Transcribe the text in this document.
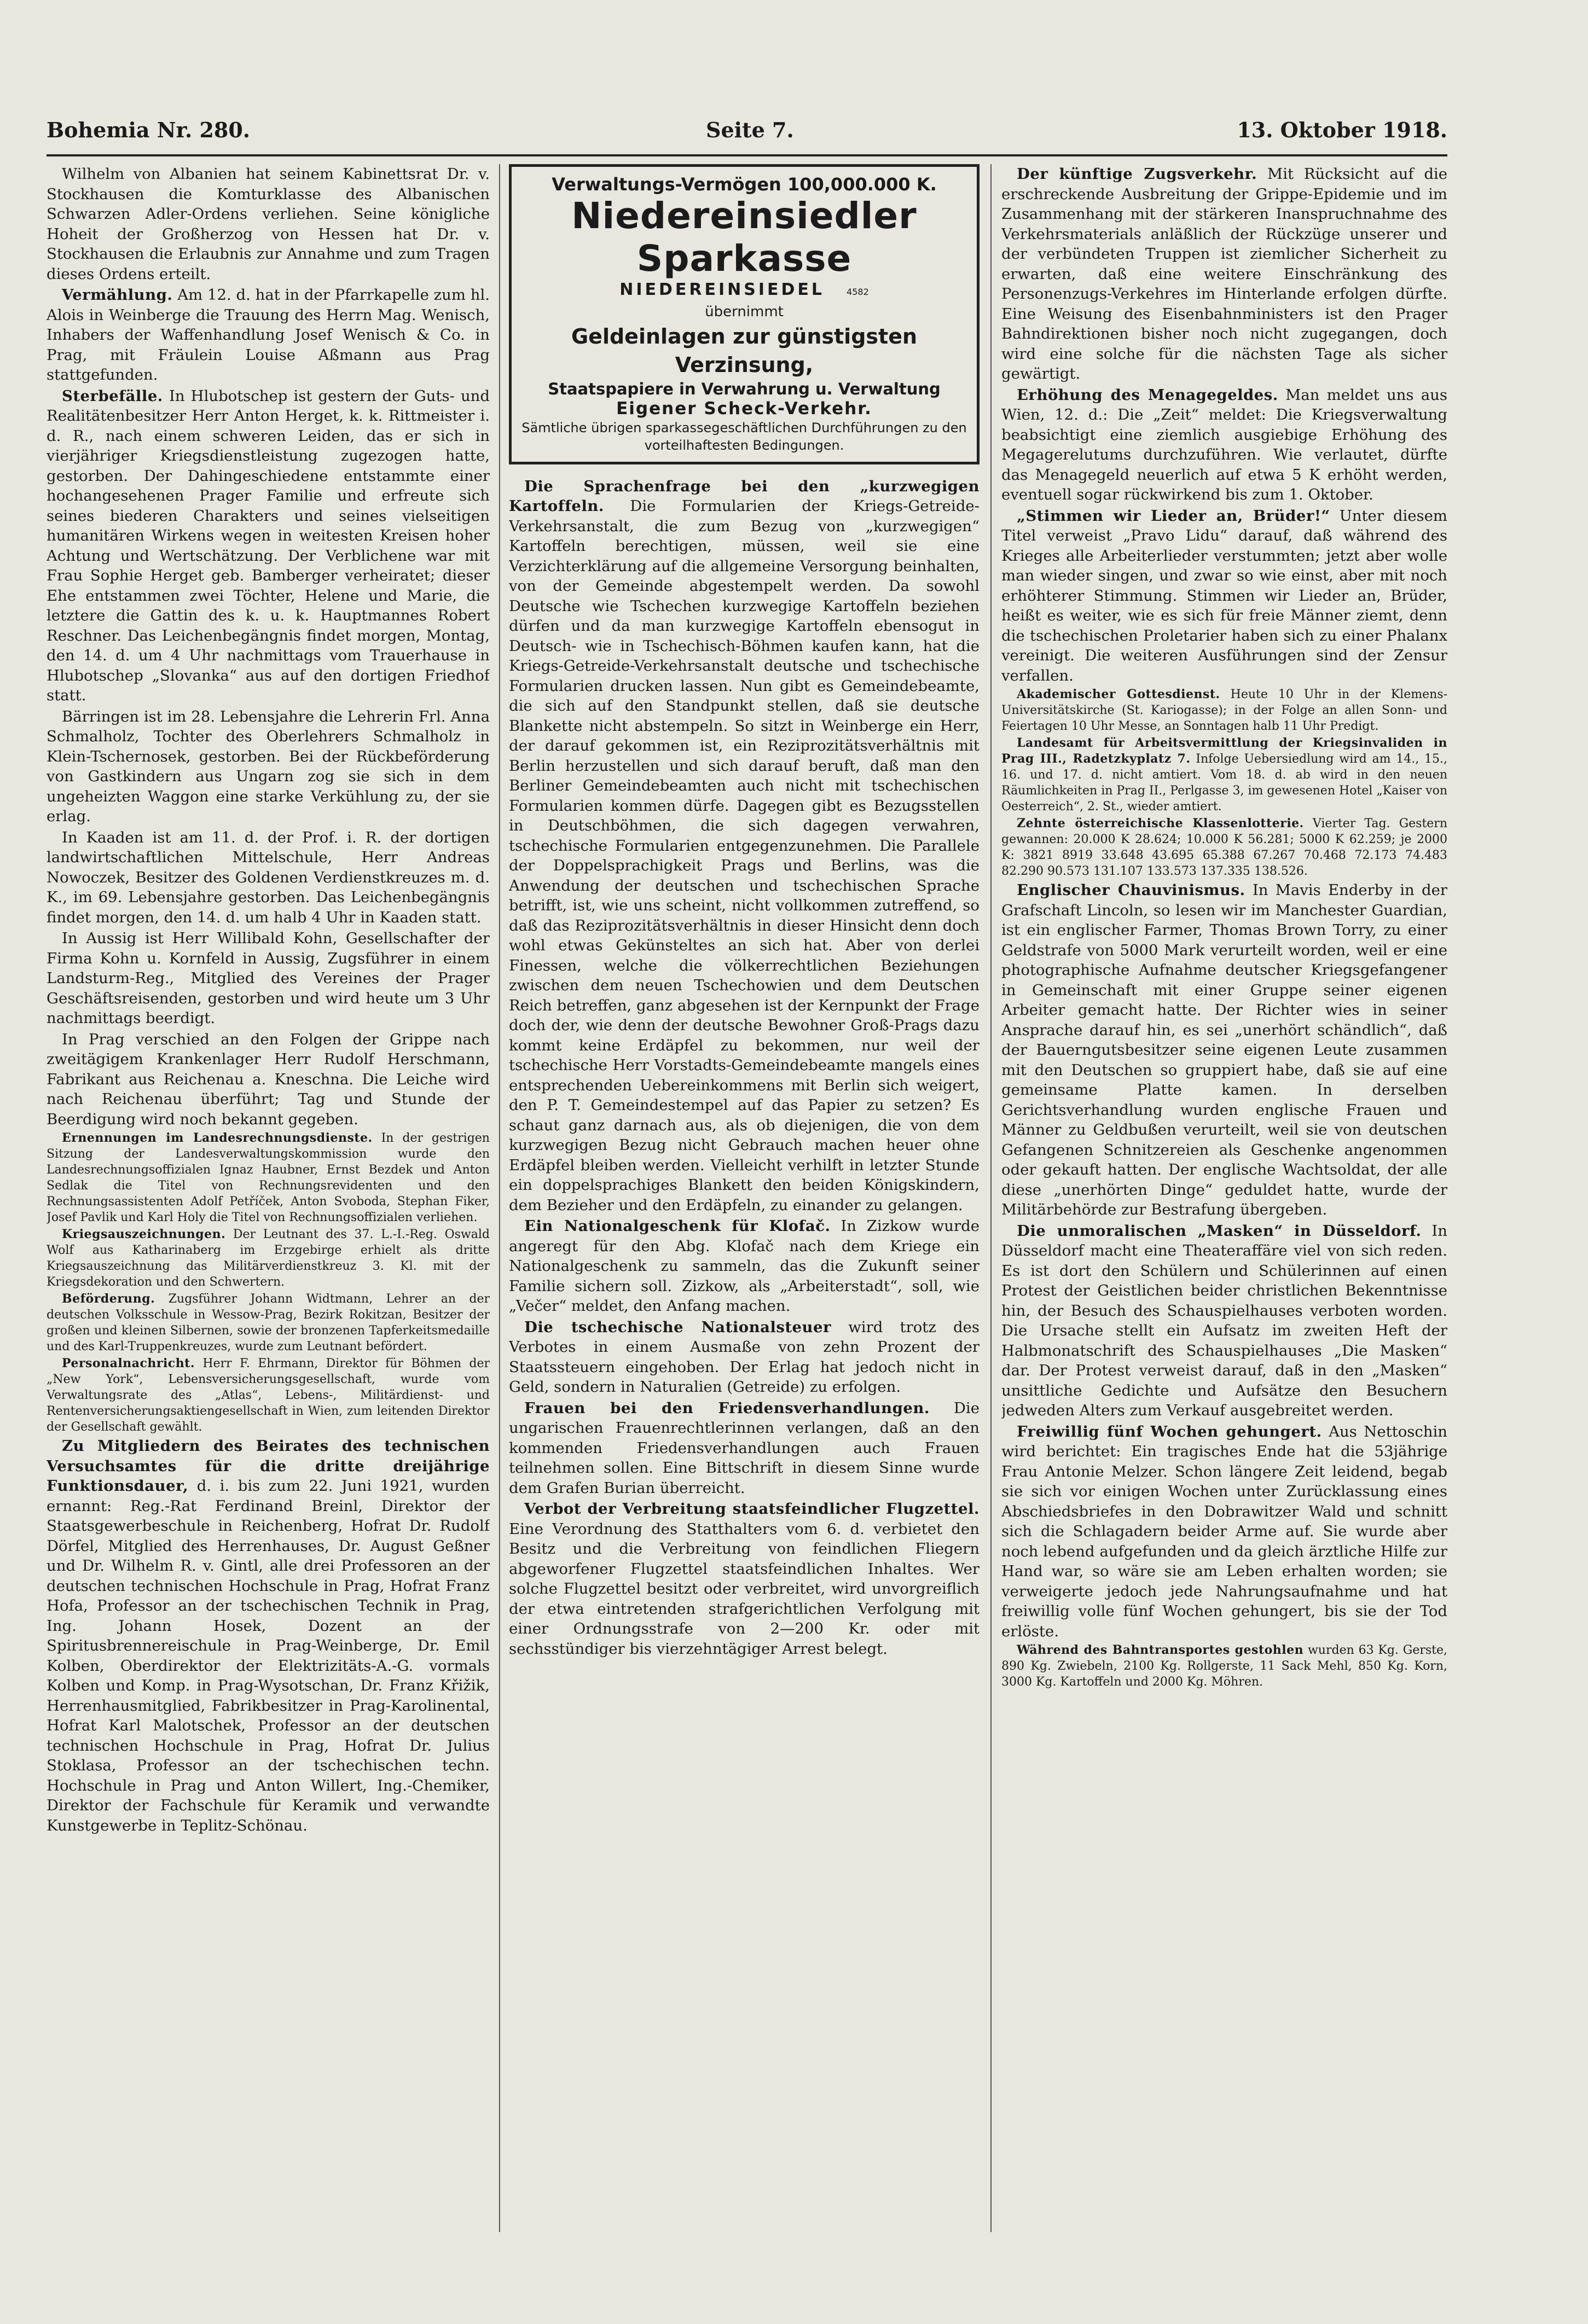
Bohemia Nr. 280.	Seite 7.	13. Oktober 1918.

Wilhelm von Albanien hat seinem Kabinettsrat Dr. v. Stockhausen die Komturklasse des Albanischen Schwarzen Adler-Ordens verliehen. Seine königliche Hoheit der Großherzog von Hessen hat Dr. v. Stockhausen die Erlaubnis zur Annahme und zum Tragen dieses Ordens erteilt.

Vermählung. Am 12. d. hat in der Pfarrkapelle zum hl. Alois in Weinberge die Trauung des Herrn Mag. Wenisch, Inhabers der Waffenhandlung Josef Wenisch & Co. in Prag, mit Fräulein Louise Aßmann aus Prag stattgefunden.

Sterbefälle. In Hlubotschep ist gestern der Guts- und Realitätenbesitzer Herr Anton Herget, k. k. Rittmeister i. d. R., nach einem schweren Leiden, das er sich in vierjähriger Kriegsdienstleistung zugezogen hatte, gestorben. Der Dahingeschiedene entstammte einer hochangesehenen Prager Familie und erfreute sich seines biederen Charakters und seines vielseitigen humanitären Wirkens wegen in weitesten Kreisen hoher Achtung und Wertschätzung. Der Verblichene war mit Frau Sophie Herget geb. Bamberger verheiratet; dieser Ehe entstammen zwei Töchter, Helene und Marie, die letztere die Gattin des k. u. k. Hauptmannes Robert Reschner. Das Leichenbegängnis findet morgen, Montag, den 14. d. um 4 Uhr nachmittags vom Trauerhause in Hlubotschep „Slovanka“ aus auf den dortigen Friedhof statt.

Bärringen ist im 28. Lebensjahre die Lehrerin Frl. Anna Schmalholz, Tochter des Oberlehrers Schmalholz in Klein-Tschernosek, gestorben. Bei der Rückbeförderung von Gastkindern aus Ungarn zog sie sich in dem ungeheizten Waggon eine starke Verkühlung zu, der sie erlag.

In Kaaden ist am 11. d. der Prof. i. R. der dortigen landwirtschaftlichen Mittelschule, Herr Andreas Nowoczek, Besitzer des Goldenen Verdienstkreuzes m. d. K., im 69. Lebensjahre gestorben. Das Leichenbegängnis findet morgen, den 14. d. um halb 4 Uhr in Kaaden statt.

In Aussig ist Herr Willibald Kohn, Gesellschafter der Firma Kohn u. Kornfeld in Aussig, Zugsführer in einem Landsturm-Reg., Mitglied des Vereines der Prager Geschäftsreisenden, gestorben und wird heute um 3 Uhr nachmittags beerdigt.

In Prag verschied an den Folgen der Grippe nach zweitägigem Krankenlager Herr Rudolf Herschmann, Fabrikant aus Reichenau a. Kneschna. Die Leiche wird nach Reichenau überführt; Tag und Stunde der Beerdigung wird noch bekannt gegeben.

Ernennungen im Landesrechnungsdienste. In der gestrigen Sitzung der Landesverwaltungskommission wurde den Landesrechnungsoffizialen Ignaz Haubner, Ernst Bezdek und Anton Sedlak die Titel von Rechnungsrevidenten und den Rechnungsassistenten Adolf Petříček, Anton Svoboda, Stephan Fiker, Josef Pavlik und Karl Holy die Titel von Rechnungsoffizialen verliehen.

Kriegsauszeichnungen. Der Leutnant des 37. L.-I.-Reg. Oswald Wolf aus Katharinaberg im Erzgebirge erhielt als dritte Kriegsauszeichnung das Militärverdienstkreuz 3. Kl. mit der Kriegsdekoration und den Schwertern.

Beförderung. Zugsführer Johann Widtmann, Lehrer an der deutschen Volksschule in Wessow-Prag, Bezirk Rokitzan, Besitzer der großen und kleinen Silbernen, sowie der bronzenen Tapferkeitsmedaille und des Karl-Truppenkreuzes, wurde zum Leutnant befördert.

Personalnachricht. Herr F. Ehrmann, Direktor für Böhmen der „New York“, Lebensversicherungsgesellschaft, wurde vom Verwaltungsrate des „Atlas“, Lebens-, Militärdienst- und Rentenversicherungsaktiengesellschaft in Wien, zum leitenden Direktor der Gesellschaft gewählt.

Zu Mitgliedern des Beirates des technischen Versuchsamtes für die dritte dreijährige Funktionsdauer, d. i. bis zum 22. Juni 1921, wurden ernannt: Reg.-Rat Ferdinand Breinl, Direktor der Staatsgewerbeschule in Reichenberg, Hofrat Dr. Rudolf Dörfel, Mitglied des Herrenhauses, Dr. August Geßner und Dr. Wilhelm R. v. Gintl, alle drei Professoren an der deutschen technischen Hochschule in Prag, Hofrat Franz Hofa, Professor an der tschechischen Technik in Prag, Ing. Johann Hosek, Dozent an der Spiritusbrennereischule in Prag-Weinberge, Dr. Emil Kolben, Oberdirektor der Elektrizitäts-A.-G. vormals Kolben und Komp. in Prag-Wysotschan, Dr. Franz Křižik, Herrenhausmitglied, Fabrikbesitzer in Prag-Karolinental, Hofrat Karl Malotschek, Professor an der deutschen technischen Hochschule in Prag, Hofrat Dr. Julius Stoklasa, Professor an der tschechischen techn. Hochschule in Prag und Anton Willert, Ing.-Chemiker, Direktor der Fachschule für Keramik und verwandte Kunstgewerbe in Teplitz-Schönau.

Verwaltungs-Vermögen 100,000.000 K.
Niedereinsiedler Sparkasse
NIEDEREINSIEDEL	4582
übernimmt
Geldeinlagen zur günstigsten Verzinsung,
Staatspapiere in Verwahrung u. Verwaltung
Eigener Scheck-Verkehr.
Sämtliche übrigen sparkassegeschäftlichen Durchführungen zu den vorteilhaftesten Bedingungen.

Die Sprachenfrage bei den „kurzwegigen Kartoffeln. Die Formularien der Kriegs-Getreide-Verkehrsanstalt, die zum Bezug von „kurzwegigen“ Kartoffeln berechtigen, müssen, weil sie eine Verzichterklärung auf die allgemeine Versorgung beinhalten, von der Gemeinde abgestempelt werden. Da sowohl Deutsche wie Tschechen kurzwegige Kartoffeln beziehen dürfen und da man kurzwegige Kartoffeln ebensogut in Deutsch- wie in Tschechisch-Böhmen kaufen kann, hat die Kriegs-Getreide-Verkehrsanstalt deutsche und tschechische Formularien drucken lassen. Nun gibt es Gemeindebeamte, die sich auf den Standpunkt stellen, daß sie deutsche Blankette nicht abstempeln. So sitzt in Weinberge ein Herr, der darauf gekommen ist, ein Reziprozitätsverhältnis mit Berlin herzustellen und sich darauf beruft, daß man den Berliner Gemeindebeamten auch nicht mit tschechischen Formularien kommen dürfe. Dagegen gibt es Bezugsstellen in Deutschböhmen, die sich dagegen verwahren, tschechische Formularien entgegenzunehmen. Die Parallele der Doppelsprachigkeit Prags und Berlins, was die Anwendung der deutschen und tschechischen Sprache betrifft, ist, wie uns scheint, nicht vollkommen zutreffend, so daß das Reziprozitätsverhältnis in dieser Hinsicht denn doch wohl etwas Gekünsteltes an sich hat. Aber von derlei Finessen, welche die völkerrechtlichen Beziehungen zwischen dem neuen Tschechowien und dem Deutschen Reich betreffen, ganz abgesehen ist der Kernpunkt der Frage doch der, wie denn der deutsche Bewohner Groß-Prags dazu kommt keine Erdäpfel zu bekommen, nur weil der tschechische Herr Vorstadts-Gemeindebeamte mangels eines entsprechenden Uebereinkommens mit Berlin sich weigert, den P. T. Gemeindestempel auf das Papier zu setzen? Es schaut ganz darnach aus, als ob diejenigen, die von dem kurzwegigen Bezug nicht Gebrauch machen heuer ohne Erdäpfel bleiben werden. Vielleicht verhilft in letzter Stunde ein doppelsprachiges Blankett den beiden Königskindern, dem Bezieher und den Erdäpfeln, zu einander zu gelangen.

Ein Nationalgeschenk für Klofač. In Zizkow wurde angeregt für den Abg. Klofač nach dem Kriege ein Nationalgeschenk zu sammeln, das die Zukunft seiner Familie sichern soll. Zizkow, als „Arbeiterstadt“, soll, wie „Večer“ meldet, den Anfang machen.

Die tschechische Nationalsteuer wird trotz des Verbotes in einem Ausmaße von zehn Prozent der Staatssteuern eingehoben. Der Erlag hat jedoch nicht in Geld, sondern in Naturalien (Getreide) zu erfolgen.

Frauen bei den Friedensverhandlungen. Die ungarischen Frauenrechtlerinnen verlangen, daß an den kommenden Friedensverhandlungen auch Frauen teilnehmen sollen. Eine Bittschrift in diesem Sinne wurde dem Grafen Burian überreicht.

Verbot der Verbreitung staatsfeindlicher Flugzettel. Eine Verordnung des Statthalters vom 6. d. verbietet den Besitz und die Verbreitung von feindlichen Fliegern abgeworfener Flugzettel staatsfeindlichen Inhaltes. Wer solche Flugzettel besitzt oder verbreitet, wird unvorgreiflich der etwa eintretenden strafgerichtlichen Verfolgung mit einer Ordnungsstrafe von 2—200 Kr. oder mit sechsstündiger bis vierzehntägiger Arrest belegt.

Der künftige Zugsverkehr. Mit Rücksicht auf die erschreckende Ausbreitung der Grippe-Epidemie und im Zusammenhang mit der stärkeren Inanspruchnahme des Verkehrsmaterials anläßlich der Rückzüge unserer und der verbündeten Truppen ist ziemlicher Sicherheit zu erwarten, daß eine weitere Einschränkung des Personenzugs-Verkehres im Hinterlande erfolgen dürfte. Eine Weisung des Eisenbahnministers ist den Prager Bahndirektionen bisher noch nicht zugegangen, doch wird eine solche für die nächsten Tage als sicher gewärtigt.

Erhöhung des Menagegeldes. Man meldet uns aus Wien, 12. d.: Die „Zeit“ meldet: Die Kriegsverwaltung beabsichtigt eine ziemlich ausgiebige Erhöhung des Megagerelutums durchzuführen. Wie verlautet, dürfte das Menagegeld neuerlich auf etwa 5 K erhöht werden, eventuell sogar rückwirkend bis zum 1. Oktober.

„Stimmen wir Lieder an, Brüder!“ Unter diesem Titel verweist „Pravo Lidu“ darauf, daß während des Krieges alle Arbeiterlieder verstummten; jetzt aber wolle man wieder singen, und zwar so wie einst, aber mit noch erhöhterer Stimmung. Stimmen wir Lieder an, Brüder, heißt es weiter, wie es sich für freie Männer ziemt, denn die tschechischen Proletarier haben sich zu einer Phalanx vereinigt. Die weiteren Ausführungen sind der Zensur verfallen.

Akademischer Gottesdienst. Heute 10 Uhr in der Klemens-Universitätskirche (St. Kariogasse); in der Folge an allen Sonn- und Feiertagen 10 Uhr Messe, an Sonntagen halb 11 Uhr Predigt.

Landesamt für Arbeitsvermittlung der Kriegsinvaliden in Prag III., Radetzkyplatz 7. Infolge Uebersiedlung wird am 14., 15., 16. und 17. d. nicht amtiert. Vom 18. d. ab wird in den neuen Räumlichkeiten in Prag II., Perlgasse 3, im gewesenen Hotel „Kaiser von Oesterreich“, 2. St., wieder amtiert.

Zehnte österreichische Klassenlotterie. Vierter Tag. Gestern gewannen: 20.000 K 28.624; 10.000 K 56.281; 5000 K 62.259; je 2000 K: 3821 8919 33.648 43.695 65.388 67.267 70.468 72.173 74.483 82.290 90.573 131.107 133.573 137.335 138.526.

Englischer Chauvinismus. In Mavis Enderby in der Grafschaft Lincoln, so lesen wir im Manchester Guardian, ist ein englischer Farmer, Thomas Brown Torry, zu einer Geldstrafe von 5000 Mark verurteilt worden, weil er eine photographische Aufnahme deutscher Kriegsgefangener in Gemeinschaft mit einer Gruppe seiner eigenen Arbeiter gemacht hatte. Der Richter wies in seiner Ansprache darauf hin, es sei „unerhört schändlich“, daß der Bauerngutsbesitzer seine eigenen Leute zusammen mit den Deutschen so gruppiert habe, daß sie auf eine gemeinsame Platte kamen. In derselben Gerichtsverhandlung wurden englische Frauen und Männer zu Geldbußen verurteilt, weil sie von deutschen Gefangenen Schnitzereien als Geschenke angenommen oder gekauft hatten. Der englische Wachtsoldat, der alle diese „unerhörten Dinge“ geduldet hatte, wurde der Militärbehörde zur Bestrafung übergeben.

Die unmoralischen „Masken“ in Düsseldorf. In Düsseldorf macht eine Theateraffäre viel von sich reden. Es ist dort den Schülern und Schülerinnen auf einen Protest der Geistlichen beider christlichen Bekenntnisse hin, der Besuch des Schauspielhauses verboten worden. Die Ursache stellt ein Aufsatz im zweiten Heft der Halbmonatschrift des Schauspielhauses „Die Masken“ dar. Der Protest verweist darauf, daß in den „Masken“ unsittliche Gedichte und Aufsätze den Besuchern jedweden Alters zum Verkauf ausgebreitet werden.

Freiwillig fünf Wochen gehungert. Aus Nettoschin wird berichtet: Ein tragisches Ende hat die 53jährige Frau Antonie Melzer. Schon längere Zeit leidend, begab sie sich vor einigen Wochen unter Zurücklassung eines Abschiedsbriefes in den Dobrawitzer Wald und schnitt sich die Schlagadern beider Arme auf. Sie wurde aber noch lebend aufgefunden und da gleich ärztliche Hilfe zur Hand war, so wäre sie am Leben erhalten worden; sie verweigerte jedoch jede Nahrungsaufnahme und hat freiwillig volle fünf Wochen gehungert, bis sie der Tod erlöste.

Während des Bahntransportes gestohlen wurden 63 Kg. Gerste, 890 Kg. Zwiebeln, 2100 Kg. Rollgerste, 11 Sack Mehl, 850 Kg. Korn, 3000 Kg. Kartoffeln und 2000 Kg. Möhren.
